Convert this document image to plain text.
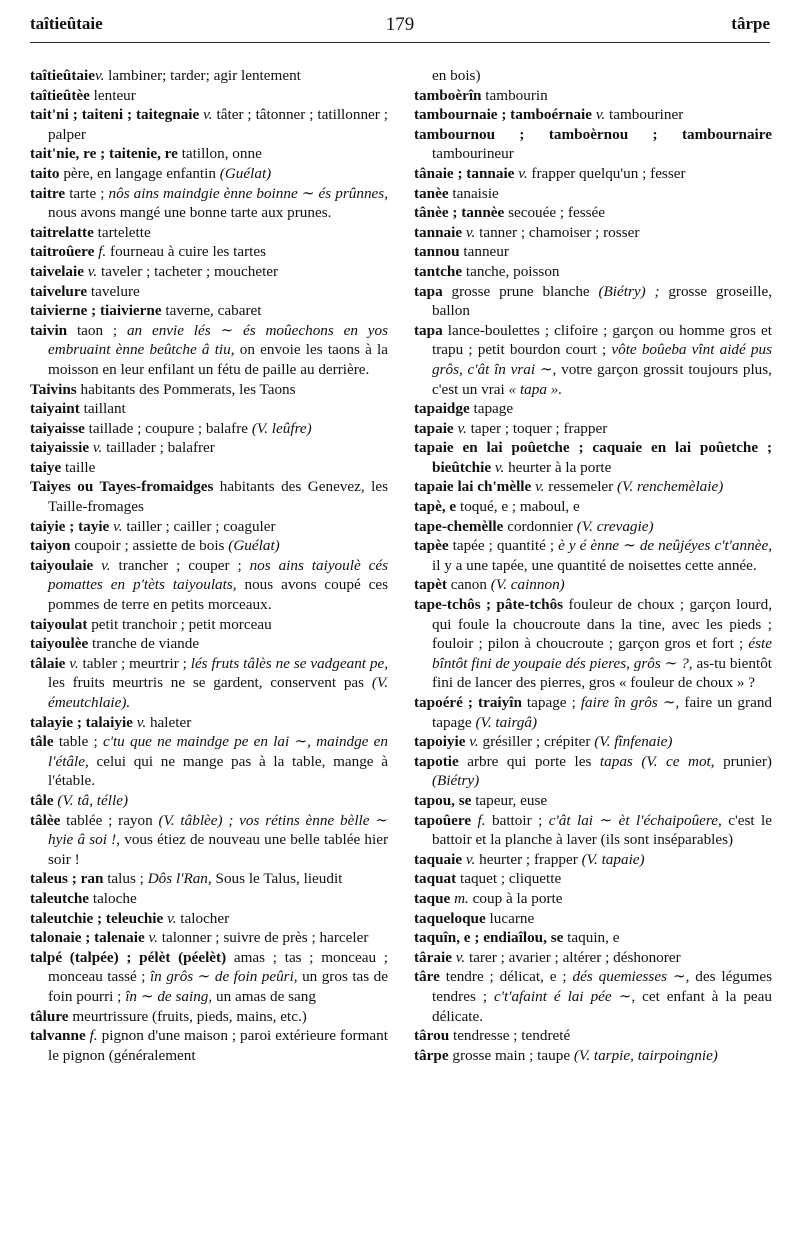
taîtieûtaie	179	târpe

taîtieûtaiev. lambiner; tarder; agir lentement

taîtieûtèe lenteur

tait'ni ; taiteni ; taitegnaie v. tâter ; tâtonner ; tatillonner ; palper

tait'nie, re ; taitenie, re tatillon, onne

taito père, en langage enfantin (Guélat)

taitre tarte ; nôs ains maindgie ènne boinne ∼ és prûnnes, nous avons mangé une bonne tarte aux prunes.

taitrelatte tartelette

taitroûere f. fourneau à cuire les tartes

taivelaie v. taveler ; tacheter ; moucheter

taivelure tavelure

taivierne ; tiaivierne taverne, cabaret

taivin taon ; an envie lés ∼ és moûechons en yos embruaint ènne beûtche â tiu, on envoie les taons à la moisson en leur enfilant un fétu de paille au derrière.

Taivins habitants des Pommerats, les Taons

taiyaint taillant

taiyaisse taillade ; coupure ; balafre (V. leûfre)

taiyaissie v. taillader ; balafrer

taiye taille

Taiyes ou Tayes-fromaidges habitants des Genevez, les Taille-fromages

taiyie ; tayie v. tailler ; cailler ; coaguler

taiyon coupoir ; assiette de bois (Guélat)

taiyoulaie v. trancher ; couper ; nos ains taiyoulè cés pomattes en p'tèts taiyoulats, nous avons coupé ces pommes de terre en petits morceaux.

taiyoulat petit tranchoir ; petit morceau

taiyoulèe tranche de viande

tâlaie v. tabler ; meurtrir ; lés fruts tâlès ne se vadgeant pe, les fruits meurtris ne se gardent, conservent pas (V. émeutchlaie).

talayie ; talaiyie v. haleter

tâle table ; c'tu que ne maindge pe en lai ∼, maindge en l'étâle, celui qui ne mange pas à la table, mange à l'étable.

tâle (V. tâ, télle)

tâlèe tablée ; rayon (V. tâblèe) ; vos rétins ènne bèlle ∼ hyie â soi !, vous étiez de nouveau une belle tablée hier soir !

taleus ; ran talus ; Dôs l'Ran, Sous le Talus, lieudit

taleutche taloche

taleutchie ; teleuchie v. talocher

talonaie ; talenaie v. talonner ; suivre de près ; harceler

talpé (talpée) ; pélèt (péelèt) amas ; tas ; monceau ; monceau tassé ; în grôs ∼ de foin peûri, un gros tas de foin pourri ; în ∼ de saing, un amas de sang

tâlure meurtrissure (fruits, pieds, mains, etc.)

talvanne f. pignon d'une maison ; paroi extérieure formant le pignon (généralement

en bois)

tamboèrîn tambourin

tambournaie ; tamboérnaie v. tambouriner

tambournou ; tamboèrnou ; tambournaire tambourineur

tânaie ; tannaie v. frapper quelqu'un ; fesser

tanèe tanaisie

tânèe ; tannèe secouée ; fessée

tannaie v. tanner ; chamoiser ; rosser

tannou tanneur

tantche tanche, poisson

tapa grosse prune blanche (Biétry) ; grosse groseille, ballon

tapa lance-boulettes ; clifoire ; garçon ou homme gros et trapu ; petit bourdon court ; vôte boûeba vînt aidé pus grôs, c'ât în vrai ∼, votre garçon grossit toujours plus, c'est un vrai « tapa ».

tapaidge tapage

tapaie v. taper ; toquer ; frapper

tapaie en lai poûetche ; caquaie en lai poûetche ; bieûtchie v. heurter à la porte

tapaie lai ch'mèlle v. ressemeler (V. renchemèlaie)

tapè, e toqué, e ; maboul, e

tape-chemèlle cordonnier (V. crevagie)

tapèe tapée ; quantité ; è y é ènne ∼ de neûjéyes c't'annèe, il y a une tapée, une quantité de noisettes cette année.

tapèt canon (V. cainnon)

tape-tchôs ; pâte-tchôs fouleur de choux ; garçon lourd, qui foule la choucroute dans la tine, avec les pieds ; fouloir ; pilon à choucroute ; garçon gros et fort ; éste bîntôt fini de youpaie dés pieres, grôs ∼ ?, as-tu bientôt fini de lancer des pierres, gros « fouleur de choux » ?

tapoéré ; traiyîn tapage ; faire în grôs ∼, faire un grand tapage (V. tairgâ)

tapoiyie v. grésiller ; crépiter (V. fînfenaie)

tapotie arbre qui porte les tapas (V. ce mot, prunier) (Biétry)

tapou, se tapeur, euse

tapoûere f. battoir ; c'ât lai ∼ èt l'échaipoûere, c'est le battoir et la planche à laver (ils sont inséparables)

taquaie v. heurter ; frapper (V. tapaie)

taquat taquet ; cliquette

taque m. coup à la porte

taqueloque lucarne

taquîn, e ; endiaîlou, se taquin, e

târaie v. tarer ; avarier ; altérer ; déshonorer

târe tendre ; délicat, e ; dés quemiesses ∼, des légumes tendres ; c't'afaint é lai pée ∼, cet enfant à la peau délicate.

târou tendresse ; tendreté

târpe grosse main ; taupe (V. tarpie, tairpoingnie)
